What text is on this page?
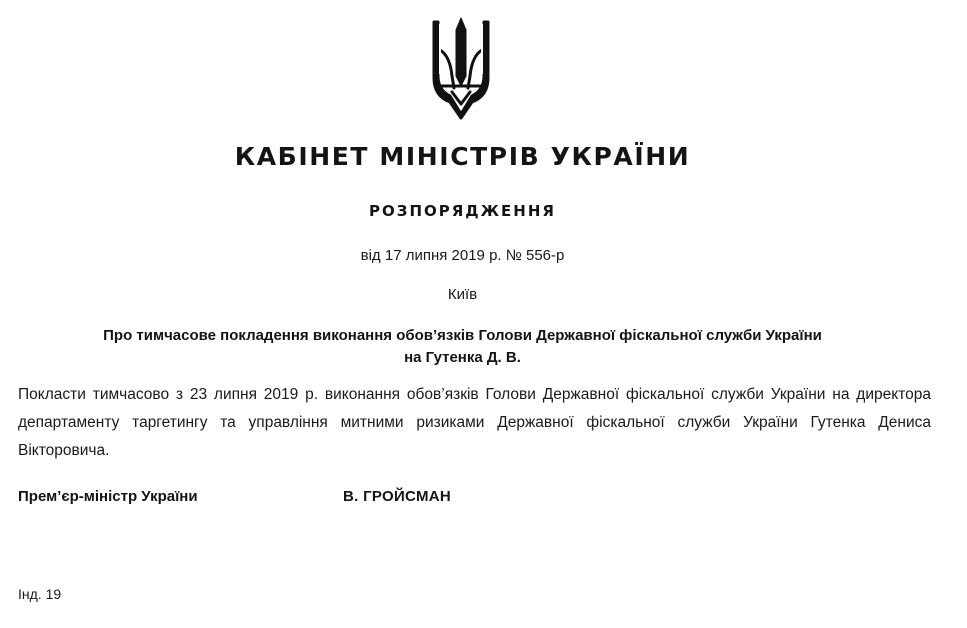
КАБІНЕТ МІНІСТРІВ УКРАЇНИ
РОЗПОРЯДЖЕННЯ
від 17 липня 2019 р. № 556-р
Київ
Про тимчасове покладення виконання обов’язків Голови Державної фіскальної служби України
на Гутенка Д. В.
Покласти тимчасово з 23 липня 2019 р. виконання обов’язків Голови Державної фіскальної служби України на директора департаменту таргетингу та управління митними ризиками Державної фіскальної служби України Гутенка Дениса Вікторовича.
Прем’єр-міністр України	В. ГРОЙСМАН
Інд. 19
